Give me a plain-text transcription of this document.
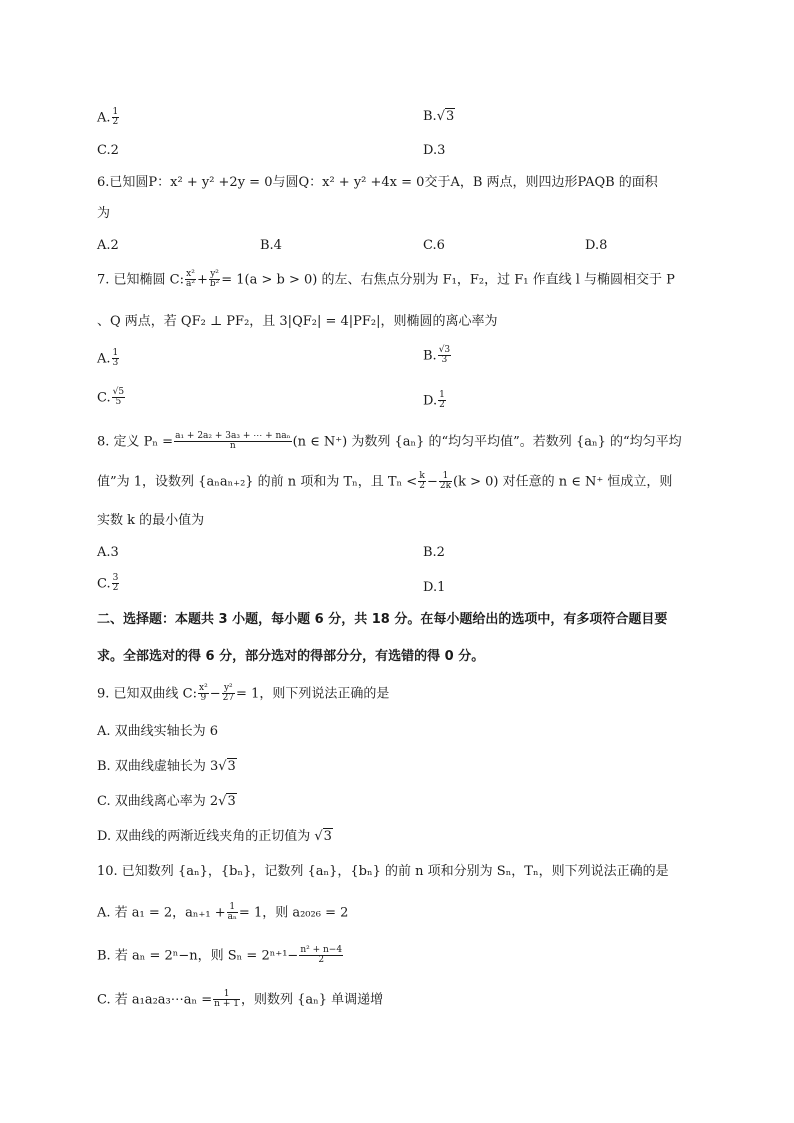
A. $\frac{1}{2}$	B.√3
C.2	D.3
6.已知圆P：x² + y² +2y = 0与圆Q：x² + y² +4x = 0交于A，B 两点，则四边形PAQB 的面积
为
A.2	B.4	C.6	D.8
7. 已知椭圆 C: $\frac{\text{x²}}{\text{a²}} + \frac{\text{y²}}{\text{b²}} = 1(a > b > 0)$ 的左、右焦点分别为 F₁，F₂，过 F₁ 作直线 l 与椭圆相交于 P
、Q 两点，若 QF₂ ⊥ PF₂，且 3|QF₂| = 4|PF₂|，则椭圆的离心率为
A. $\frac{1}{3}$	B. $\frac{√3}{3}$
C. $\frac{√5}{5}$	D. $\frac{1}{2}$
8. 定义 $P_n = \frac{\text{a₁ + 2a₂ + 3a₃ + ⋯ + naₙ}}{n} (n$ ∈ N⁺) 为数列 {aₙ} 的“均匀平均值”。若数列 {aₙ} 的“均匀平均
值”为 1，设数列 {aₙaₙ₊₂} 的前 n 项和为 Tₙ，且 $T_n < \frac{k}{2} - \frac{1}{2k} (k > 0)$ 对任意的 n ∈ N⁺ 恒成立，则
实数 k 的最小值为
A.3	B.2
C. $\frac{3}{2}$	D.1
二、选择题：本题共 3 小题，每小题 6 分，共 18 分。在每小题给出的选项中，有多项符合题目要
求。全部选对的得 6 分，部分选对的得部分分，有选错的得 0 分。
9. 已知双曲线 C: $\frac{\text{x²}}{9} - \frac{\text{y²}}{27} = 1$，则下列说法正确的是
A. 双曲线实轴长为 6
B. 双曲线虚轴长为 3√3
C. 双曲线离心率为 2√3
D. 双曲线的两渐近线夹角的正切值为 √3
10. 已知数列 {aₙ}，{bₙ}，记数列 {aₙ}，{bₙ} 的前 n 项和分别为 Sₙ，Tₙ，则下列说法正确的是
A. 若 a₁ = 2，$a_{n+1} + \frac{1}{\text{aₙ}} = 1$，则 a₂₀₂₆ = 2
B. 若 aₙ = 2ⁿ−n，则 $S_n = 2^{n+1}- \frac{\text{n² + n−4}}{2}$
C. 若 a₁a₂a₃⋯aₙ = $\frac{1}{n + 1}$ ，则数列 {aₙ} 单调递增
